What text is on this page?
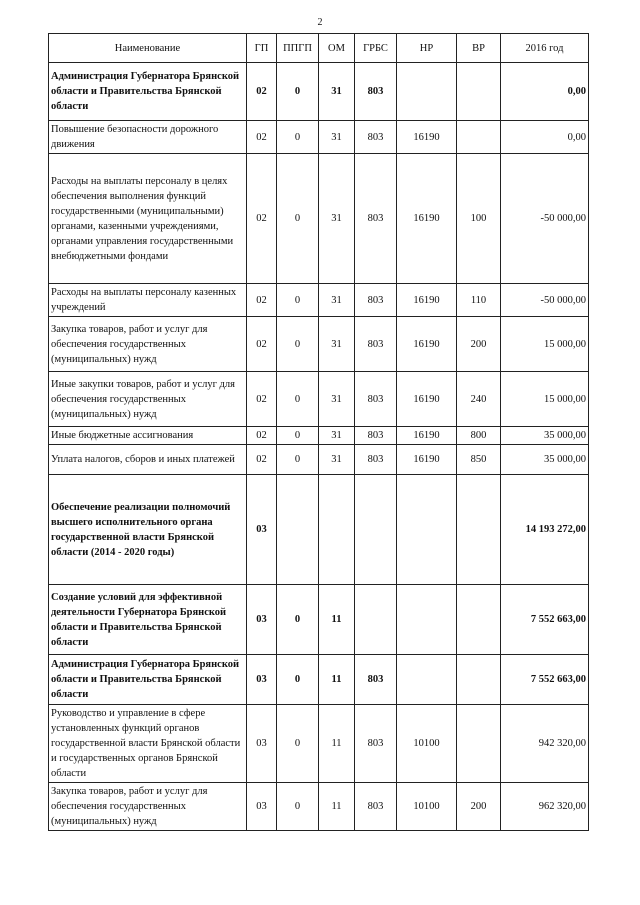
2
Наименование	ГП	ППГП	ОМ	ГРБС	НР	ВР	2016 год
Администрация Губернатора Брянской области и Правительства Брянской области	02	0	31	803			0,00
Повышение безопасности дорожного движения	02	0	31	803	16190		0,00
Расходы на выплаты персоналу в целях обеспечения выполнения функций государственными (муниципальными) органами, казенными учреждениями, органами управления государственными внебюджетными фондами	02	0	31	803	16190	100	-50 000,00
Расходы на выплаты персоналу казенных учреждений	02	0	31	803	16190	110	-50 000,00
Закупка товаров, работ и услуг для обеспечения государственных (муниципальных) нужд	02	0	31	803	16190	200	15 000,00
Иные закупки товаров, работ и услуг для обеспечения государственных (муниципальных) нужд	02	0	31	803	16190	240	15 000,00
Иные бюджетные ассигнования	02	0	31	803	16190	800	35 000,00
Уплата налогов, сборов и иных платежей	02	0	31	803	16190	850	35 000,00
Обеспечение реализации полномочий высшего исполнительного органа государственной власти Брянской области (2014 - 2020 годы)	03						14 193 272,00
Создание условий для эффективной деятельности Губернатора Брянской области и Правительства Брянской области	03	0	11				7 552 663,00
Администрация Губернатора Брянской области и Правительства Брянской области	03	0	11	803			7 552 663,00
Руководство и управление в сфере установленных функций органов государственной власти Брянской области и государственных органов Брянской области	03	0	11	803	10100		942 320,00
Закупка товаров, работ и услуг для обеспечения государственных (муниципальных) нужд	03	0	11	803	10100	200	962 320,00
